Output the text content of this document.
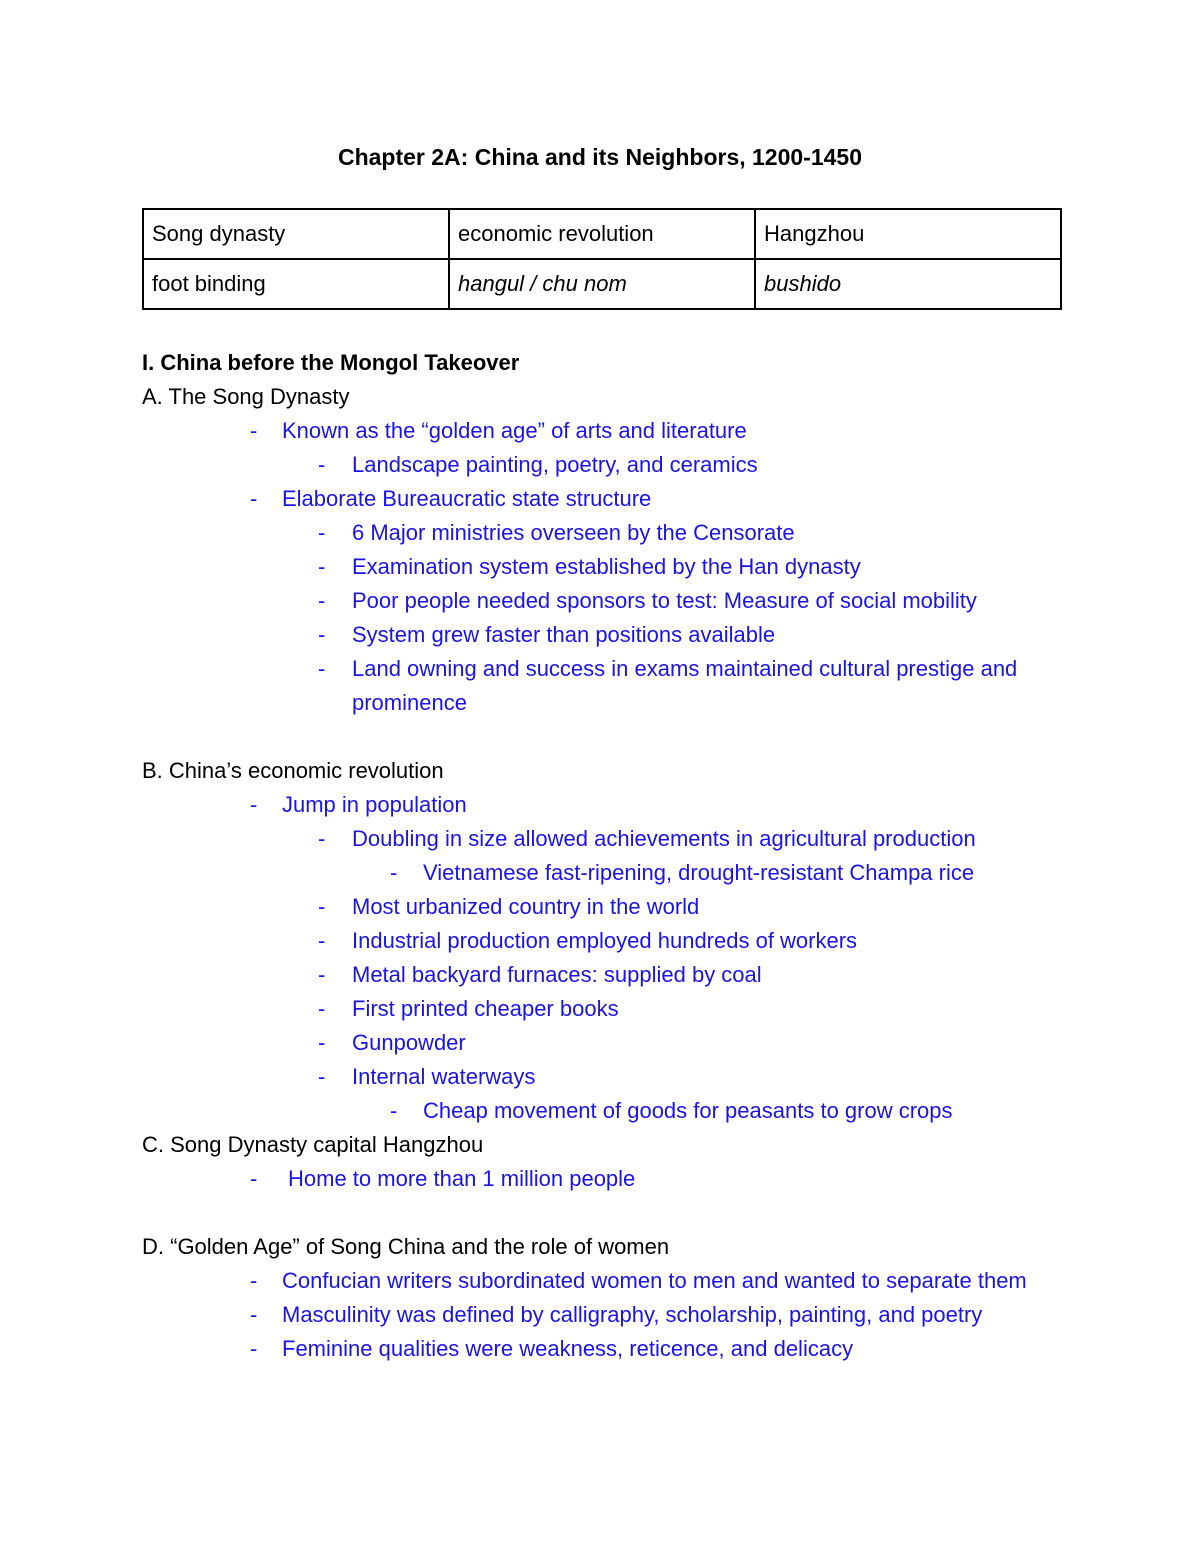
Chapter 2A: China and its Neighbors, 1200-1450
Song dynasty	economic revolution	Hangzhou
foot binding	hangul / chu nom	bushido
I. China before the Mongol Takeover
A. The Song Dynasty
- Known as the “golden age” of arts and literature
- Landscape painting, poetry, and ceramics
- Elaborate Bureaucratic state structure
- 6 Major ministries overseen by the Censorate
- Examination system established by the Han dynasty
- Poor people needed sponsors to test: Measure of social mobility
- System grew faster than positions available
- Land owning and success in exams maintained cultural prestige and prominence
B. China’s economic revolution
- Jump in population
- Doubling in size allowed achievements in agricultural production
- Vietnamese fast-ripening, drought-resistant Champa rice
- Most urbanized country in the world
- Industrial production employed hundreds of workers
- Metal backyard furnaces: supplied by coal
- First printed cheaper books
- Gunpowder
- Internal waterways
- Cheap movement of goods for peasants to grow crops
C. Song Dynasty capital Hangzhou
- Home to more than 1 million people
D. “Golden Age” of Song China and the role of women
- Confucian writers subordinated women to men and wanted to separate them
- Masculinity was defined by calligraphy, scholarship, painting, and poetry
- Feminine qualities were weakness, reticence, and delicacy
